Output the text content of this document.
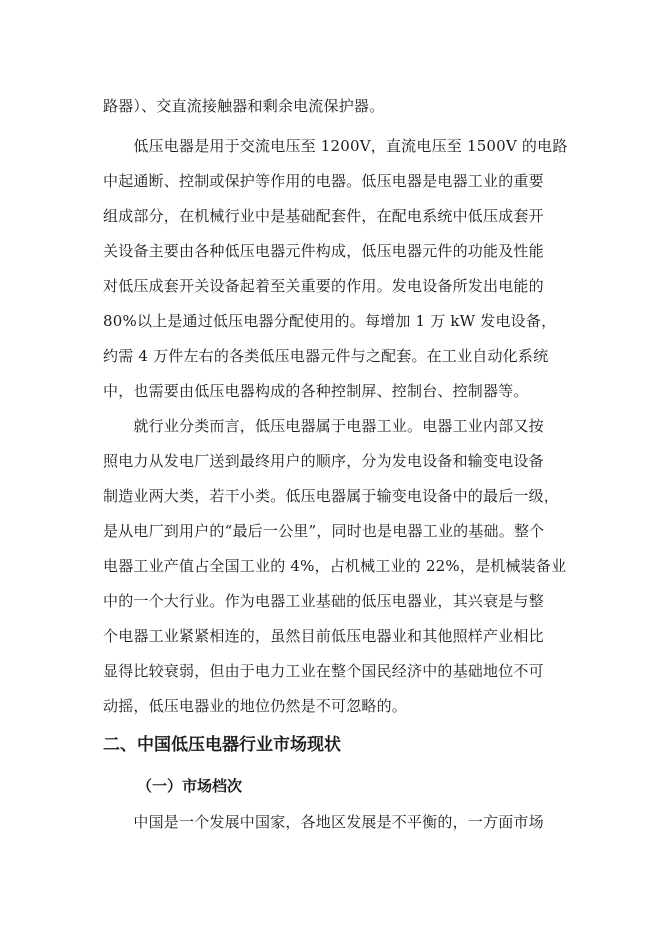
路器）、交直流接触器和剩余电流保护器。
　　低压电器是用于交流电压至 1200V，直流电压至 1500V 的电路
中起通断、控制或保护等作用的电器。低压电器是电器工业的重要
组成部分，在机械行业中是基础配套件，在配电系统中低压成套开
关设备主要由各种低压电器元件构成，低压电器元件的功能及性能
对低压成套开关设备起着至关重要的作用。发电设备所发出电能的
80%以上是通过低压电器分配使用的。每增加 1 万 kW 发电设备，
约需 4 万件左右的各类低压电器元件与之配套。在工业自动化系统
中，也需要由低压电器构成的各种控制屏、控制台、控制器等。
　　就行业分类而言，低压电器属于电器工业。电器工业内部又按
照电力从发电厂送到最终用户的顺序，分为发电设备和输变电设备
制造业两大类，若干小类。低压电器属于输变电设备中的最后一级，
是从电厂到用户的“最后一公里”，同时也是电器工业的基础。整个
电器工业产值占全国工业的 4%，占机械工业的 22%，是机械装备业
中的一个大行业。作为电器工业基础的低压电器业，其兴衰是与整
个电器工业紧紧相连的，虽然目前低压电器业和其他照样产业相比
显得比较衰弱，但由于电力工业在整个国民经济中的基础地位不可
动摇，低压电器业的地位仍然是不可忽略的。
二、中国低压电器行业市场现状
（一）市场档次
　　中国是一个发展中国家，各地区发展是不平衡的，一方面市场
